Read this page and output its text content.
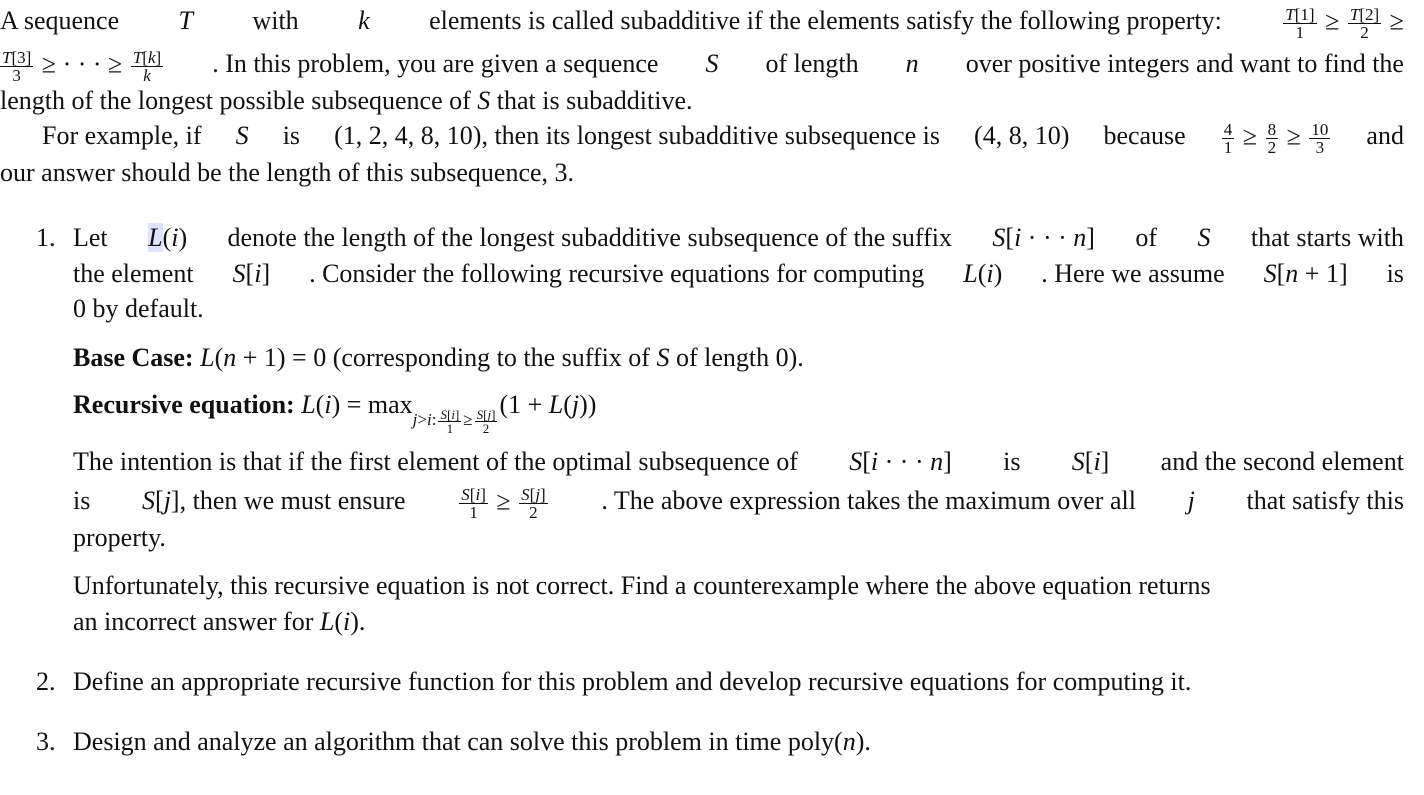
A sequence T with k elements is called subadditive if the elements satisfy the following property:	$\frac{T[1]}{1} \ge \frac{T[2]}{2}$ ≥
$\frac{T[3]}{3}$ ≥ · · · ≥ $\frac{T[k]}{k}$ . In this problem, you are given a sequence S of length n over positive integers and want to find the
length of the longest possible subsequence of S that is subadditive.
For example, if S is (1, 2, 4, 8, 10), then its longest subadditive subsequence is (4, 8, 10) because $\frac{4}{1} \ge \frac{8}{2} \ge \frac{10}{3}$ and
our answer should be the length of this subsequence, 3.
1. Let L(i) denote the length of the longest subadditive subsequence of the suffix S[i · · · n] of S that starts with
the element S[i] . Consider the following recursive equations for computing L(i) . Here we assume S[n + 1] is
0 by default.
Base Case: L(n + 1) = 0 (corresponding to the suffix of S of length 0).
Recursive equation: $L(i) = \max_{j>i: \frac{S[i]}{1} \ge \frac{S[j]}{2}}$
(1 + L(j))
The intention is that if the first element of the optimal subsequence of S[i · · · n] is S[i] and the second element
is S[j], then we must ensure	$\frac{S[i]}{1} \ge \frac{S[j]}{2}$ . The above expression takes the maximum over all j that satisfy this
property.
Unfortunately, this recursive equation is not correct. Find a counterexample where the above equation returns
an incorrect answer for L(i).
2. Define an appropriate recursive function for this problem and develop recursive equations for computing it.
3. Design and analyze an algorithm that can solve this problem in time poly(n).
